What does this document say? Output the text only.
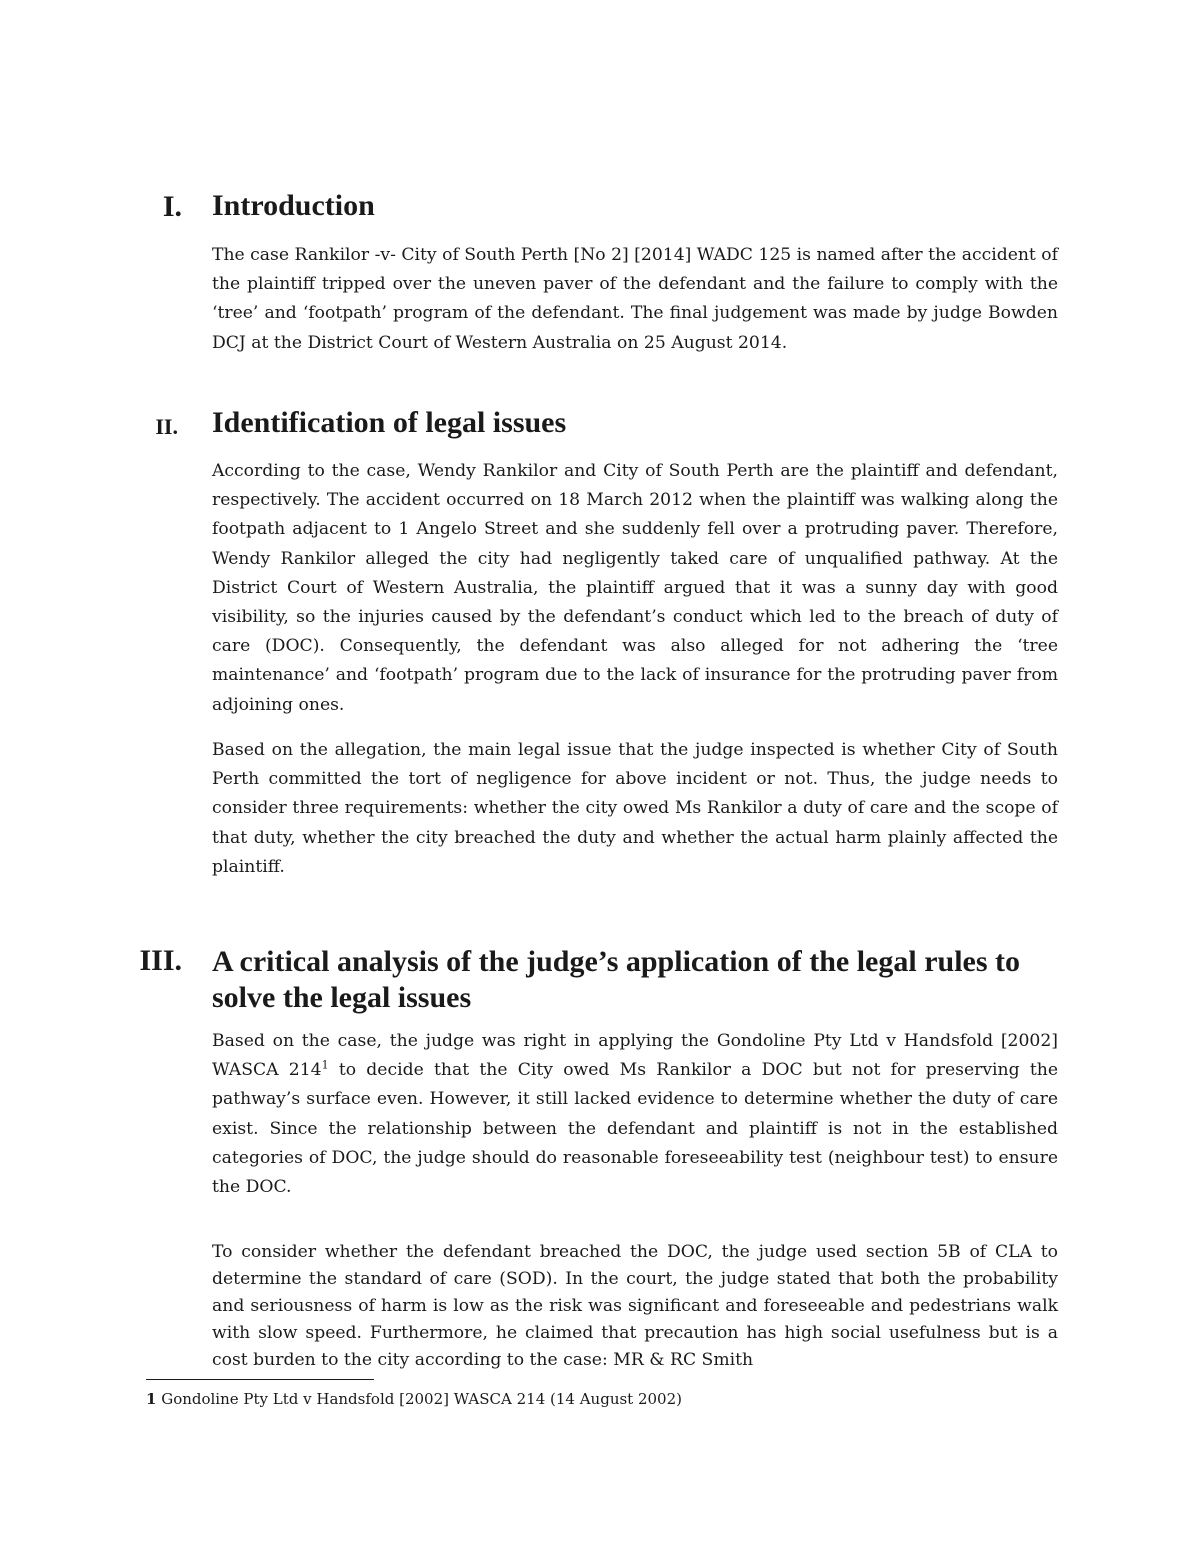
I. Introduction

The case Rankilor -v- City of South Perth [No 2] [2014] WADC 125 is named after the accident of the plaintiff tripped over the uneven paver of the defendant and the failure to comply with the ‘tree’ and ‘footpath’ program of the defendant. The final judgement was made by judge Bowden DCJ at the District Court of Western Australia on 25 August 2014.

II. Identification of legal issues

According to the case, Wendy Rankilor and City of South Perth are the plaintiff and defendant, respectively. The accident occurred on 18 March 2012 when the plaintiff was walking along the footpath adjacent to 1 Angelo Street and she suddenly fell over a protruding paver. Therefore, Wendy Rankilor alleged the city had negligently taked care of unqualified pathway. At the District Court of Western Australia, the plaintiff argued that it was a sunny day with good visibility, so the injuries caused by the defendant’s conduct which led to the breach of duty of care (DOC). Consequently, the defendant was also alleged for not adhering the ‘tree maintenance’ and ‘footpath’ program due to the lack of insurance for the protruding paver from adjoining ones.

Based on the allegation, the main legal issue that the judge inspected is whether City of South Perth committed the tort of negligence for above incident or not. Thus, the judge needs to consider three requirements: whether the city owed Ms Rankilor a duty of care and the scope of that duty, whether the city breached the duty and whether the actual harm plainly affected the plaintiff.

III. A critical analysis of the judge’s application of the legal rules to solve the legal issues

Based on the case, the judge was right in applying the Gondoline Pty Ltd v Handsfold [2002] WASCA $214^1$ to decide that the City owed Ms Rankilor a DOC but not for preserving the pathway’s surface even. However, it still lacked evidence to determine whether the duty of care exist. Since the relationship between the defendant and plaintiff is not in the established categories of DOC, the judge should do reasonable foreseeability test (neighbour test) to ensure the DOC.

To consider whether the defendant breached the DOC, the judge used section 5B of CLA to determine the standard of care (SOD). In the court, the judge stated that both the probability and seriousness of harm is low as the risk was significant and foreseeable and pedestrians walk with slow speed. Furthermore, he claimed that precaution has high social usefulness but is a cost burden to the city according to the case: MR & RC Smith

1 Gondoline Pty Ltd v Handsfold [2002] WASCA 214 (14 August 2002)
